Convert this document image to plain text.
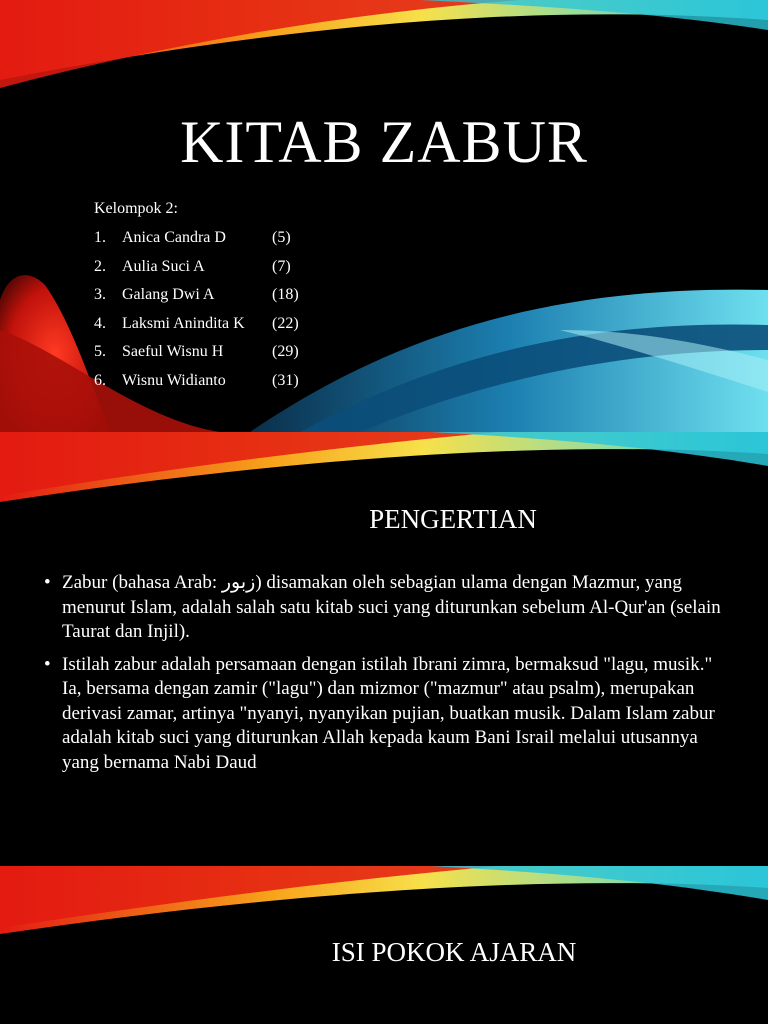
KITAB ZABUR
Kelompok 2:
1.	Anica Candra D	(5)
2.	Aulia Suci A	(7)
3.	Galang Dwi A	(18)
4.	Laksmi Anindita K	(22)
5.	Saeful Wisnu H	(29)
6.	Wisnu Widianto	(31)
PENGERTIAN
• Zabur (bahasa Arab: زبور) disamakan oleh sebagian ulama dengan Mazmur, yang menurut Islam, adalah salah satu kitab suci yang diturunkan sebelum Al-Qur'an (selain Taurat dan Injil).
• Istilah zabur adalah persamaan dengan istilah Ibrani zimra, bermaksud "lagu, musik." Ia, bersama dengan zamir ("lagu") dan mizmor ("mazmur" atau psalm), merupakan derivasi zamar, artinya "nyanyi, nyanyikan pujian, buatkan musik. Dalam Islam zabur adalah kitab suci yang diturunkan Allah kepada kaum Bani Israil melalui utusannya yang bernama Nabi Daud
ISI POKOK AJARAN
